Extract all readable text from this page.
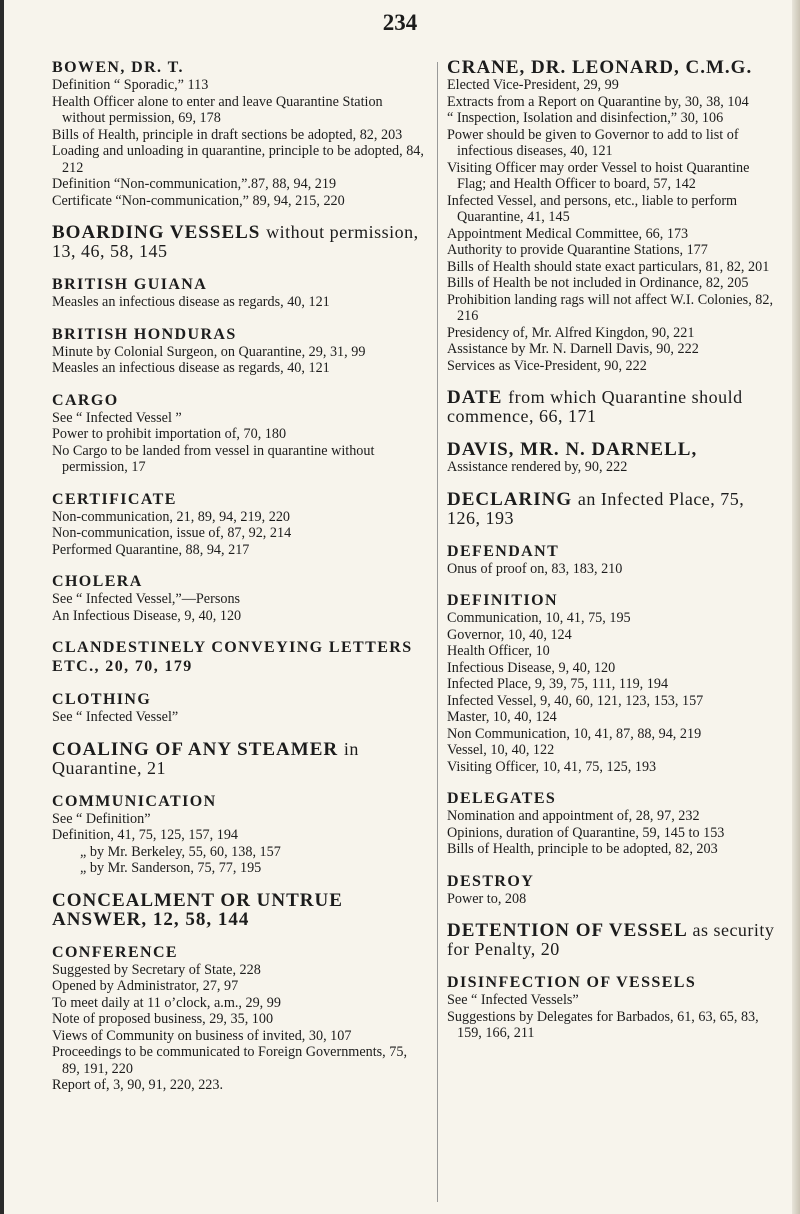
234
BOWEN, DR. T.

Definition “ Sporadic,” 113

Health Officer alone to enter and leave Quarantine Station without permission, 69, 178

Bills of Health, principle in draft sections be adopted, 82, 203

Loading and unloading in quarantine, principle to be adopted, 84, 212

Definition “Non-communication,”.87, 88, 94, 219

Certificate “Non-communication,” 89, 94, 215, 220

BOARDING VESSELS without permission, 13, 46, 58, 145
BRITISH GUIANA

Measles an infectious disease as regards, 40, 121

BRITISH HONDURAS

Minute by Colonial Surgeon, on Quarantine, 29, 31, 99

Measles an infectious disease as regards, 40, 121

CARGO

See “ Infected Vessel ”

Power to prohibit importation of, 70, 180

No Cargo to be landed from vessel in quarantine without permission, 17

CERTIFICATE

Non-communication, 21, 89, 94, 219, 220

Non-communication, issue of, 87, 92, 214

Performed Quarantine, 88, 94, 217

CHOLERA

See “ Infected Vessel,”—Persons

An Infectious Disease, 9, 40, 120

CLANDESTINELY CONVEYING LETTERS ETC., 20, 70, 179
CLOTHING

See “ Infected Vessel”

COALING OF ANY STEAMER in Quarantine, 21
COMMUNICATION

See “ Definition”

Definition, 41, 75, 125, 157, 194

„ by Mr. Berkeley, 55, 60, 138, 157

„ by Mr. Sanderson, 75, 77, 195

CONCEALMENT OR UNTRUE ANSWER, 12, 58, 144
CONFERENCE

Suggested by Secretary of State, 228

Opened by Administrator, 27, 97

To meet daily at 11 o’clock, a.m., 29, 99

Note of proposed business, 29, 35, 100

Views of Community on business of invited, 30, 107

Proceedings to be communicated to Foreign Governments, 75, 89, 191, 220

Report of, 3, 90, 91, 220, 223.

CRANE, DR. LEONARD, C.M.G.

Elected Vice-President, 29, 99

Extracts from a Report on Quarantine by, 30, 38, 104

“ Inspection, Isolation and disinfection,” 30, 106

Power should be given to Governor to add to list of infectious diseases, 40, 121

Visiting Officer may order Vessel to hoist Quarantine Flag; and Health Officer to board, 57, 142

Infected Vessel, and persons, etc., liable to perform Quarantine, 41, 145

Appointment Medical Committee, 66, 173

Authority to provide Quarantine Stations, 177

Bills of Health should state exact particulars, 81, 82, 201

Bills of Health be not included in Ordinance, 82, 205

Prohibition landing rags will not affect W.I. Colonies, 82, 216

Presidency of, Mr. Alfred Kingdon, 90, 221

Assistance by Mr. N. Darnell Davis, 90, 222

Services as Vice-President, 90, 222

DATE from which Quarantine should commence, 66, 171
DAVIS, MR. N. DARNELL,

Assistance rendered by, 90, 222

DECLARING an Infected Place, 75, 126, 193
DEFENDANT

Onus of proof on, 83, 183, 210

DEFINITION

Communication, 10, 41, 75, 195

Governor, 10, 40, 124

Health Officer, 10

Infectious Disease, 9, 40, 120

Infected Place, 9, 39, 75, 111, 119, 194

Infected Vessel, 9, 40, 60, 121, 123, 153, 157

Master, 10, 40, 124

Non Communication, 10, 41, 87, 88, 94, 219

Vessel, 10, 40, 122

Visiting Officer, 10, 41, 75, 125, 193

DELEGATES

Nomination and appointment of, 28, 97, 232

Opinions, duration of Quarantine, 59, 145 to 153

Bills of Health, principle to be adopted, 82, 203

DESTROY

Power to, 208

DETENTION OF VESSEL as security for Penalty, 20
DISINFECTION OF VESSELS

See “ Infected Vessels”

Suggestions by Delegates for Barbados, 61, 63, 65, 83, 159, 166, 211
